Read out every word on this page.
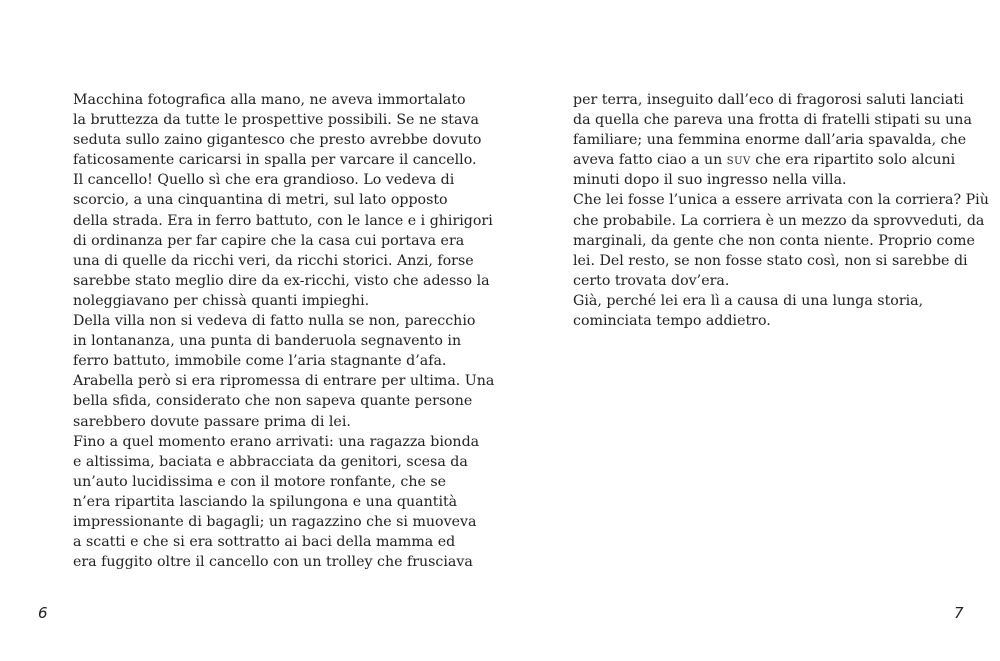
Macchina fotografica alla mano, ne aveva immortalato
la bruttezza da tutte le prospettive possibili. Se ne stava
seduta sullo zaino gigantesco che presto avrebbe dovuto
faticosamente caricarsi in spalla per varcare il cancello.
Il cancello! Quello sì che era grandioso. Lo vedeva di
scorcio, a una cinquantina di metri, sul lato opposto
della strada. Era in ferro battuto, con le lance e i ghirigori
di ordinanza per far capire che la casa cui portava era
una di quelle da ricchi veri, da ricchi storici. Anzi, forse
sarebbe stato meglio dire da ex-ricchi, visto che adesso la
noleggiavano per chissà quanti impieghi.
Della villa non si vedeva di fatto nulla se non, parecchio
in lontananza, una punta di banderuola segnavento in
ferro battuto, immobile come l’aria stagnante d’afa.
Arabella però si era ripromessa di entrare per ultima. Una
bella sfida, considerato che non sapeva quante persone
sarebbero dovute passare prima di lei.
Fino a quel momento erano arrivati: una ragazza bionda
e altissima, baciata e abbracciata da genitori, scesa da
un’auto lucidissima e con il motore ronfante, che se
n’era ripartita lasciando la spilungona e una quantità
impressionante di bagagli; un ragazzino che si muoveva
a scatti e che si era sottratto ai baci della mamma ed
era fuggito oltre il cancello con un trolley che frusciava
6
per terra, inseguito dall’eco di fragorosi saluti lanciati
da quella che pareva una frotta di fratelli stipati su una
familiare; una femmina enorme dall’aria spavalda, che
aveva fatto ciao a un suv che era ripartito solo alcuni
minuti dopo il suo ingresso nella villa.
Che lei fosse l’unica a essere arrivata con la corriera? Più
che probabile. La corriera è un mezzo da sprovveduti, da
marginali, da gente che non conta niente. Proprio come
lei. Del resto, se non fosse stato così, non si sarebbe di
certo trovata dov’era.
Già, perché lei era lì a causa di una lunga storia,
cominciata tempo addietro.
7
